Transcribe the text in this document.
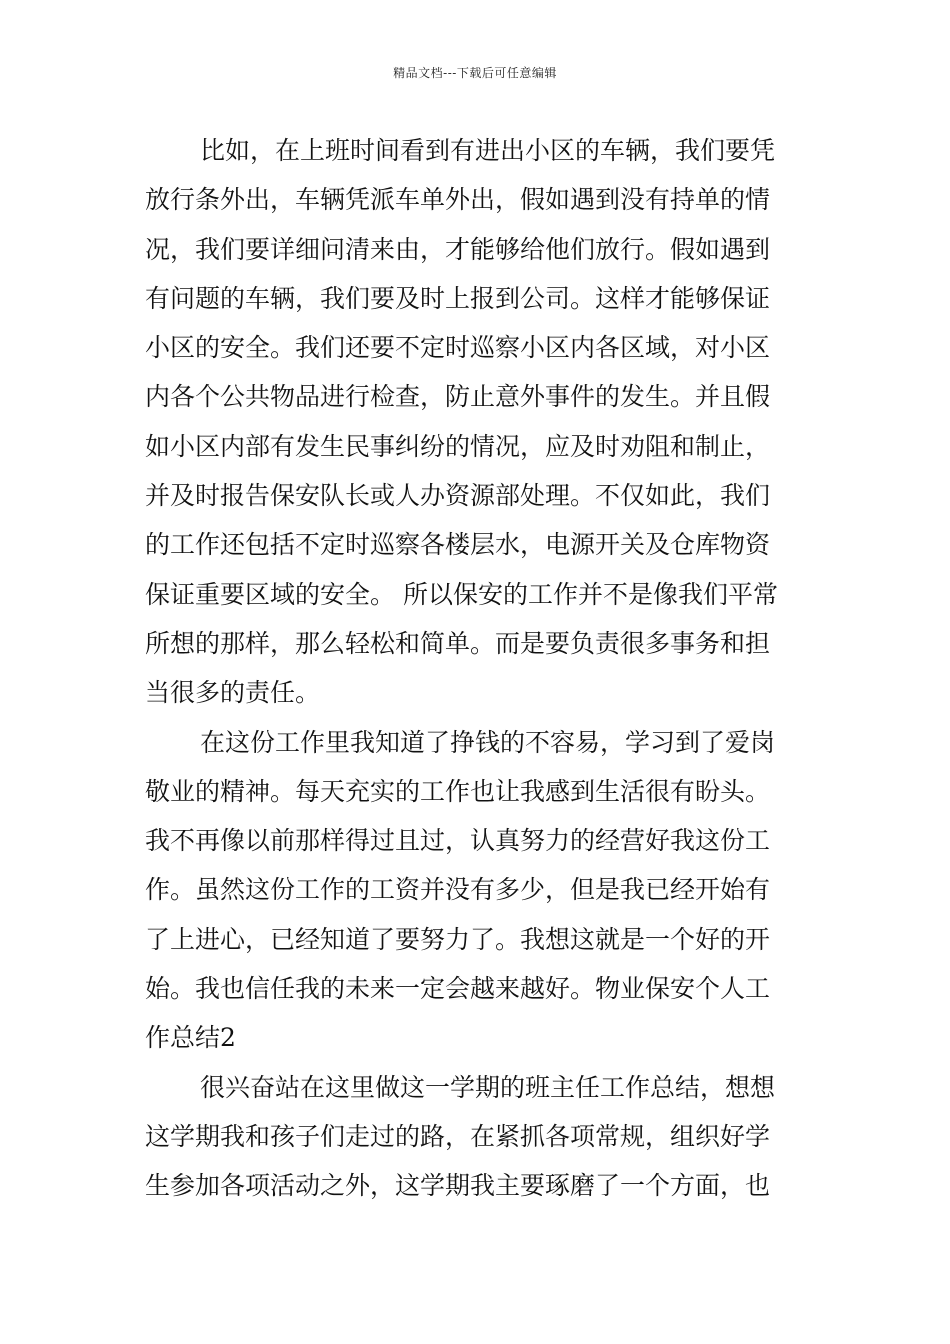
精品文档---下载后可任意编辑
比如，在上班时间看到有进出小区的车辆，我们要凭
放行条外出，车辆凭派车单外出，假如遇到没有持单的情
况，我们要详细问清来由，才能够给他们放行。假如遇到
有问题的车辆，我们要及时上报到公司。这样才能够保证
小区的安全。我们还要不定时巡察小区内各区域，对小区
内各个公共物品进行检查，防止意外事件的发生。并且假
如小区内部有发生民事纠纷的情况，应及时劝阻和制止，
并及时报告保安队长或人办资源部处理。不仅如此，我们
的工作还包括不定时巡察各楼层水，电源开关及仓库物资
保证重要区域的安全。 所以保安的工作并不是像我们平常
所想的那样，那么轻松和简单。而是要负责很多事务和担
当很多的责任。
在这份工作里我知道了挣钱的不容易，学习到了爱岗
敬业的精神。每天充实的工作也让我感到生活很有盼头。
我不再像以前那样得过且过，认真努力的经营好我这份工
作。虽然这份工作的工资并没有多少，但是我已经开始有
了上进心，已经知道了要努力了。我想这就是一个好的开
始。我也信任我的未来一定会越来越好。物业保安个人工
作总结2
很兴奋站在这里做这一学期的班主任工作总结，想想
这学期我和孩子们走过的路，在紧抓各项常规，组织好学
生参加各项活动之外，这学期我主要琢磨了一个方面，也
